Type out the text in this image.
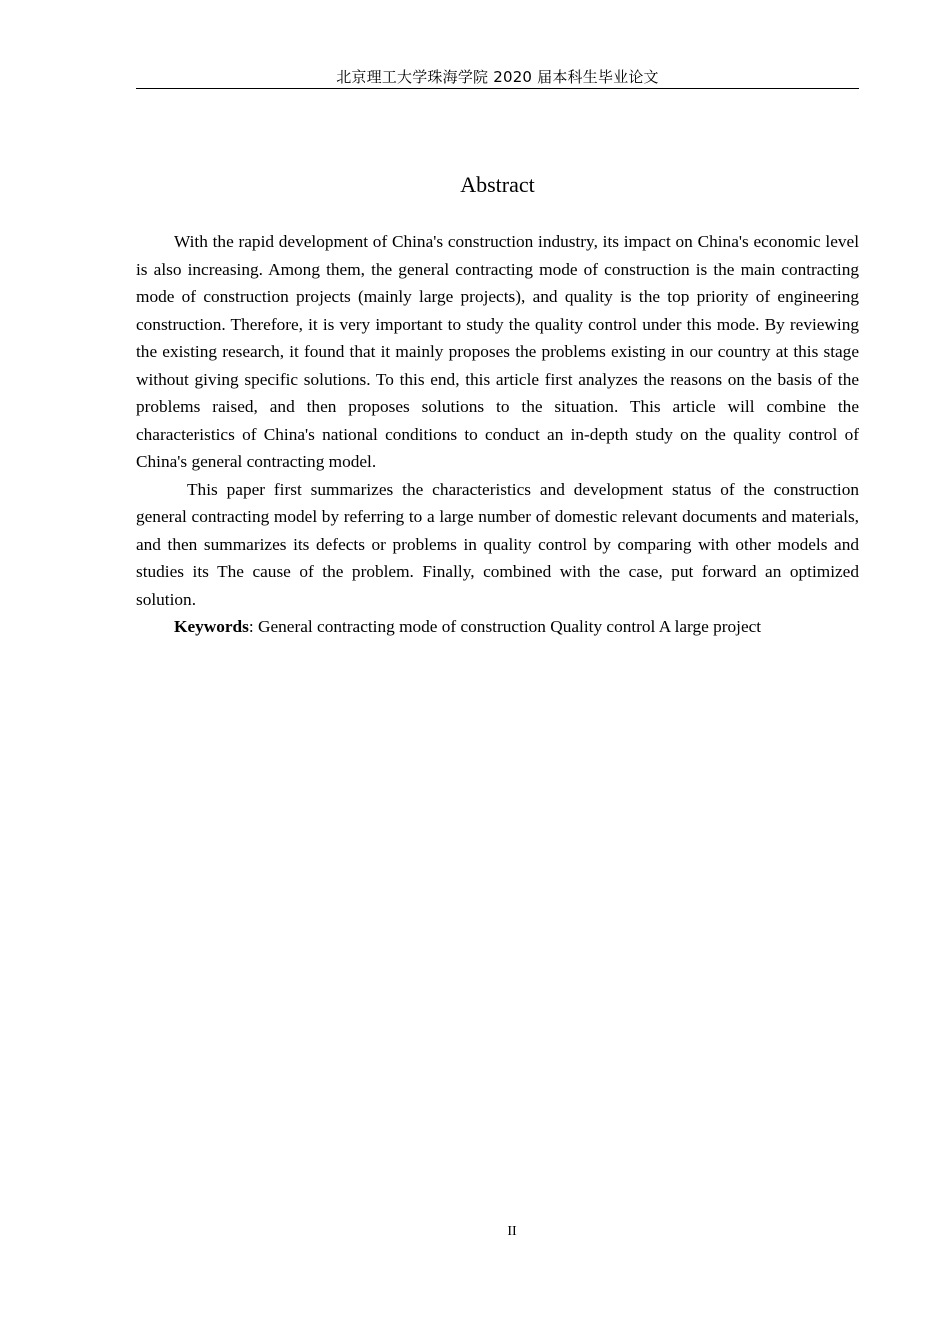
北京理工大学珠海学院 2020 届本科生毕业论文
Abstract

With the rapid development of China's construction industry, its impact on China's economic level is also increasing. Among them, the general contracting mode of construction is the main contracting mode of construction projects (mainly large projects), and quality is the top priority of engineering construction. Therefore, it is very important to study the quality control under this mode. By reviewing the existing research, it found that it mainly proposes the problems existing in our country at this stage without giving specific solutions. To this end, this article first analyzes the reasons on the basis of the problems raised, and then proposes solutions to the situation. This article will combine the characteristics of China's national conditions to conduct an in-depth study on the quality control of China's general contracting model.

This paper first summarizes the characteristics and development status of the construction general contracting model by referring to a large number of domestic relevant documents and materials, and then summarizes its defects or problems in quality control by comparing with other models and studies its The cause of the problem. Finally, combined with the case, put forward an optimized solution.

Keywords: General contracting mode of construction Quality control A large project

II
